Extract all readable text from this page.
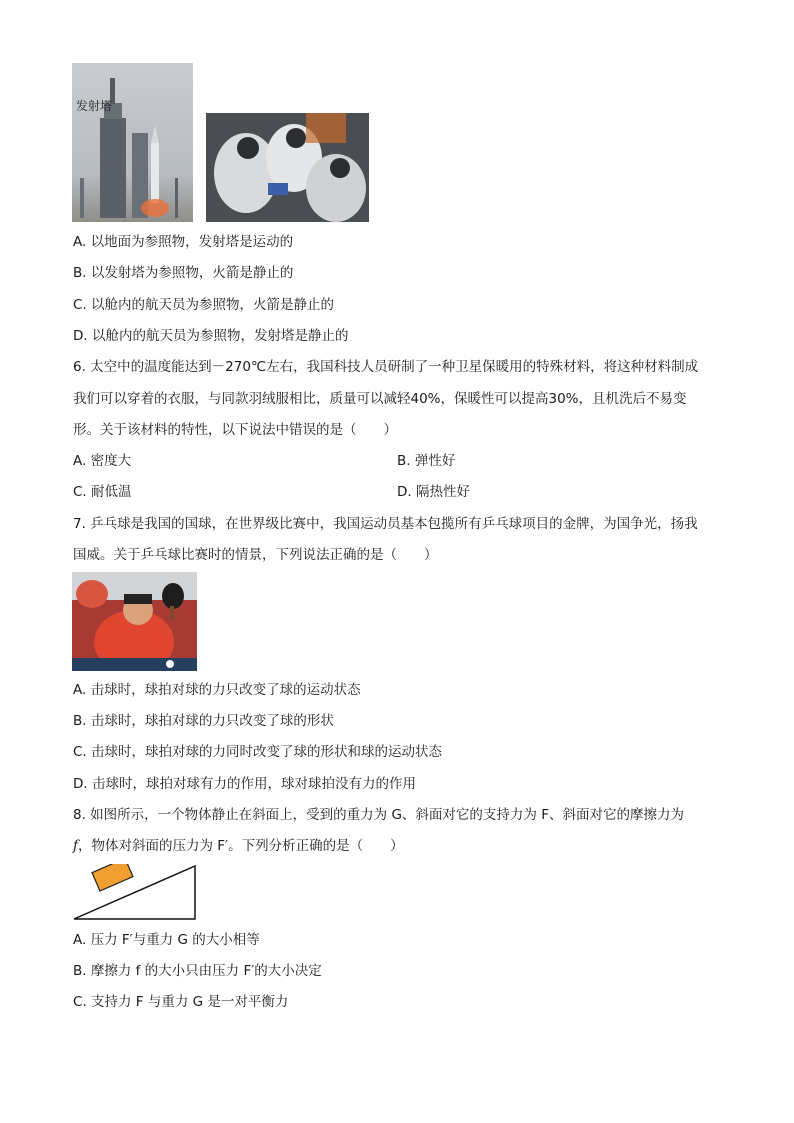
发射塔
A. 以地面为参照物，发射塔是运动的
B. 以发射塔为参照物，火箭是静止的
C. 以舱内的航天员为参照物，火箭是静止的
D. 以舱内的航天员为参照物，发射塔是静止的
6. 太空中的温度能达到－270℃左右，我国科技人员研制了一种卫星保暖用的特殊材料，将这种材料制成
我们可以穿着的衣服，与同款羽绒服相比，质量可以减轻40%，保暖性可以提高30%，且机洗后不易变
形。关于该材料的特性，以下说法中错误的是（　　）
A. 密度大	B. 弹性好
C. 耐低温	D. 隔热性好
7. 乒乓球是我国的国球，在世界级比赛中，我国运动员基本包揽所有乒乓球项目的金牌，为国争光，扬我
国威。关于乒乓球比赛时的情景，下列说法正确的是（　　）
A. 击球时，球拍对球的力只改变了球的运动状态
B. 击球时，球拍对球的力只改变了球的形状
C. 击球时，球拍对球的力同时改变了球的形状和球的运动状态
D. 击球时，球拍对球有力的作用，球对球拍没有力的作用
8. 如图所示，一个物体静止在斜面上，受到的重力为 G、斜面对它的支持力为 F、斜面对它的摩擦力为
f，物体对斜面的压力为 F′。下列分析正确的是（　　）
A. 压力 F′与重力 G 的大小相等
B. 摩擦力 f 的大小只由压力 F′的大小决定
C. 支持力 F 与重力 G 是一对平衡力
